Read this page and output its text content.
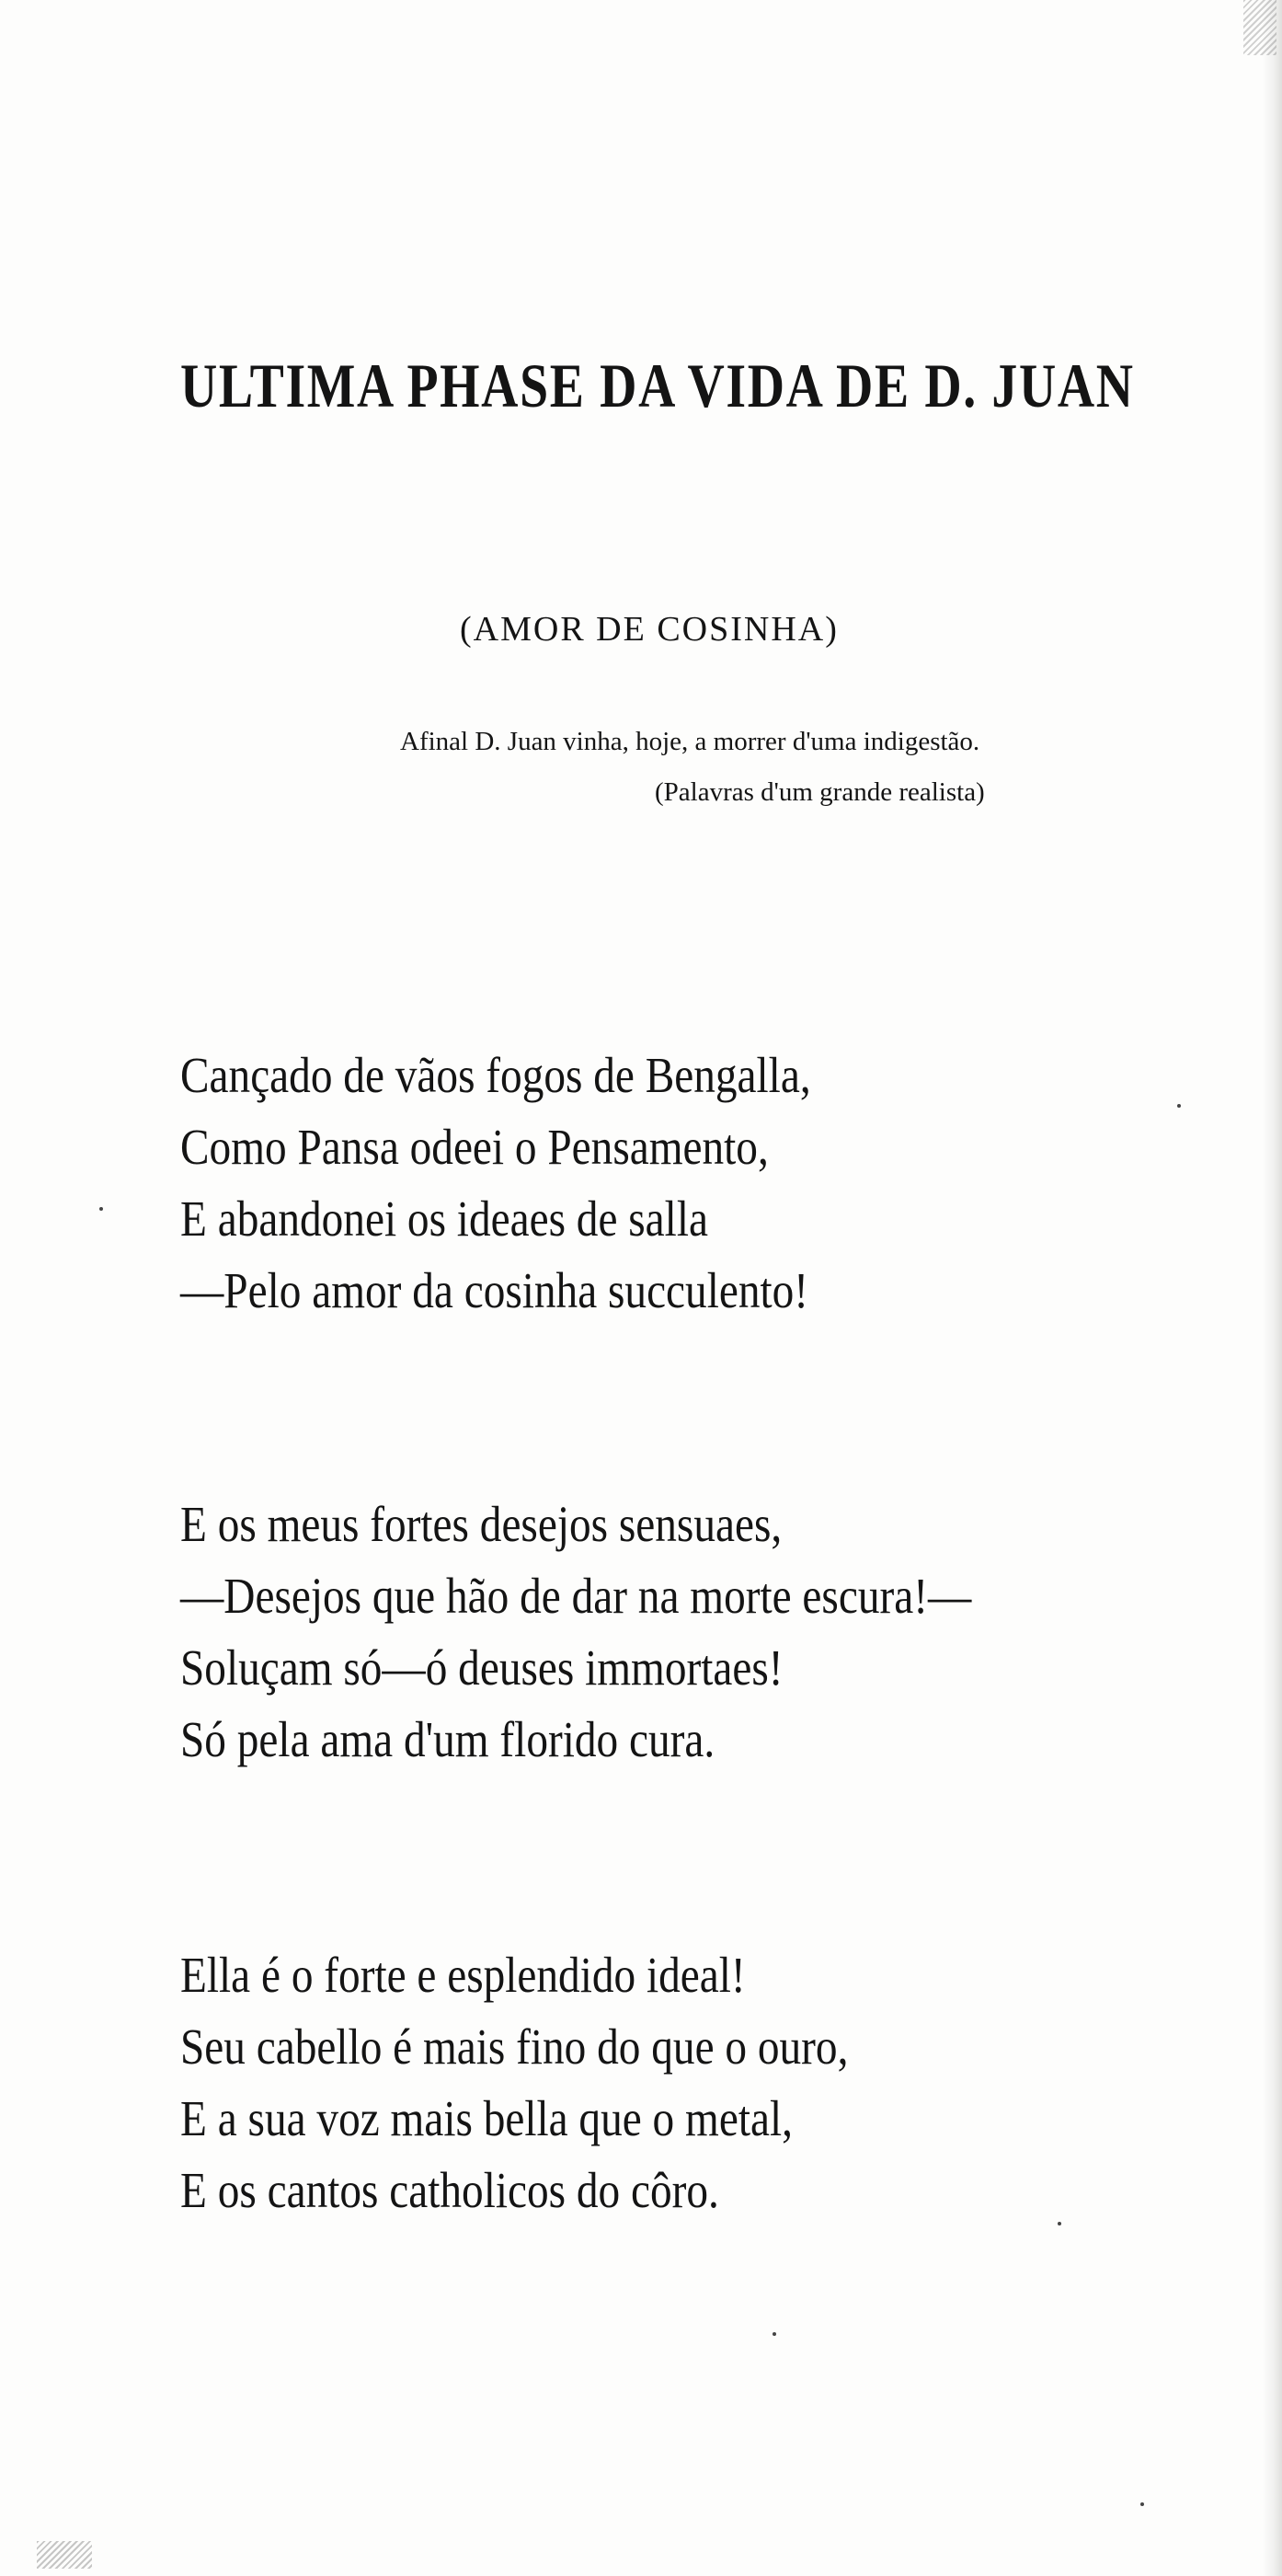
ULTIMA PHASE DA VIDA DE D. JUAN
(AMOR DE COSINHA)
Afinal D. Juan vinha, hoje, a morrer d'uma indigestão.
(Palavras d'um grande realista)
Cançado de vãos fogos de Bengalla,
Como Pansa odeei o Pensamento,
E abandonei os ideaes de salla
—Pelo amor da cosinha succulento!
E os meus fortes desejos sensuaes,
—Desejos que hão de dar na morte escura!—
Soluçam só—ó deuses immortaes!
Só pela ama d'um florido cura.
Ella é o forte e esplendido ideal!
Seu cabello é mais fino do que o ouro,
E a sua voz mais bella que o metal,
E os cantos catholicos do côro.
